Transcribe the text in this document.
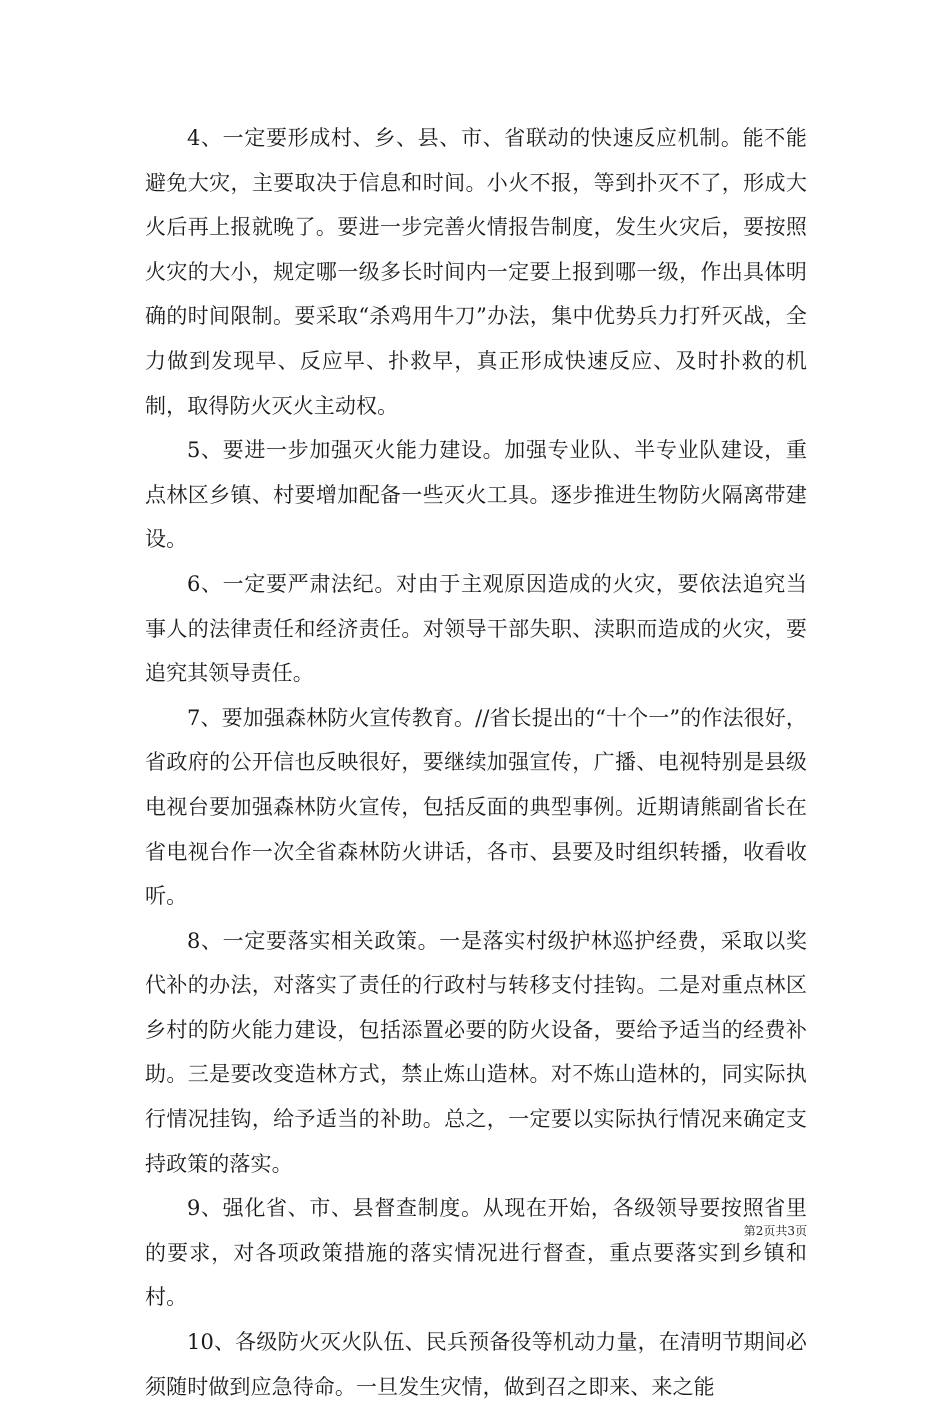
4、一定要形成村、乡、县、市、省联动的快速反应机制。能不能避免大灾，主要取决于信息和时间。小火不报，等到扑灭不了，形成大火后再上报就晚了。要进一步完善火情报告制度，发生火灾后，要按照火灾的大小，规定哪一级多长时间内一定要上报到哪一级，作出具体明确的时间限制。要采取“杀鸡用牛刀”办法，集中优势兵力打歼灭战，全力做到发现早、反应早、扑救早，真正形成快速反应、及时扑救的机制，取得防火灭火主动权。

5、要进一步加强灭火能力建设。加强专业队、半专业队建设，重点林区乡镇、村要增加配备一些灭火工具。逐步推进生物防火隔离带建设。

6、一定要严肃法纪。对由于主观原因造成的火灾，要依法追究当事人的法律责任和经济责任。对领导干部失职、渎职而造成的火灾，要追究其领导责任。

7、要加强森林防火宣传教育。//省长提出的“十个一”的作法很好，省政府的公开信也反映很好，要继续加强宣传，广播、电视特别是县级电视台要加强森林防火宣传，包括反面的典型事例。近期请熊副省长在省电视台作一次全省森林防火讲话，各市、县要及时组织转播，收看收听。

8、一定要落实相关政策。一是落实村级护林巡护经费，采取以奖代补的办法，对落实了责任的行政村与转移支付挂钩。二是对重点林区乡村的防火能力建设，包括添置必要的防火设备，要给予适当的经费补助。三是要改变造林方式，禁止炼山造林。对不炼山造林的，同实际执行情况挂钩，给予适当的补助。总之，一定要以实际执行情况来确定支持政策的落实。

9、强化省、市、县督查制度。从现在开始，各级领导要按照省里的要求，对各项政策措施的落实情况进行督查，重点要落实到乡镇和村。

10、各级防火灭火队伍、民兵预备役等机动力量，在清明节期间必须随时做到应急待命。一旦发生灾情，做到召之即来、来之能

第2页共3页
